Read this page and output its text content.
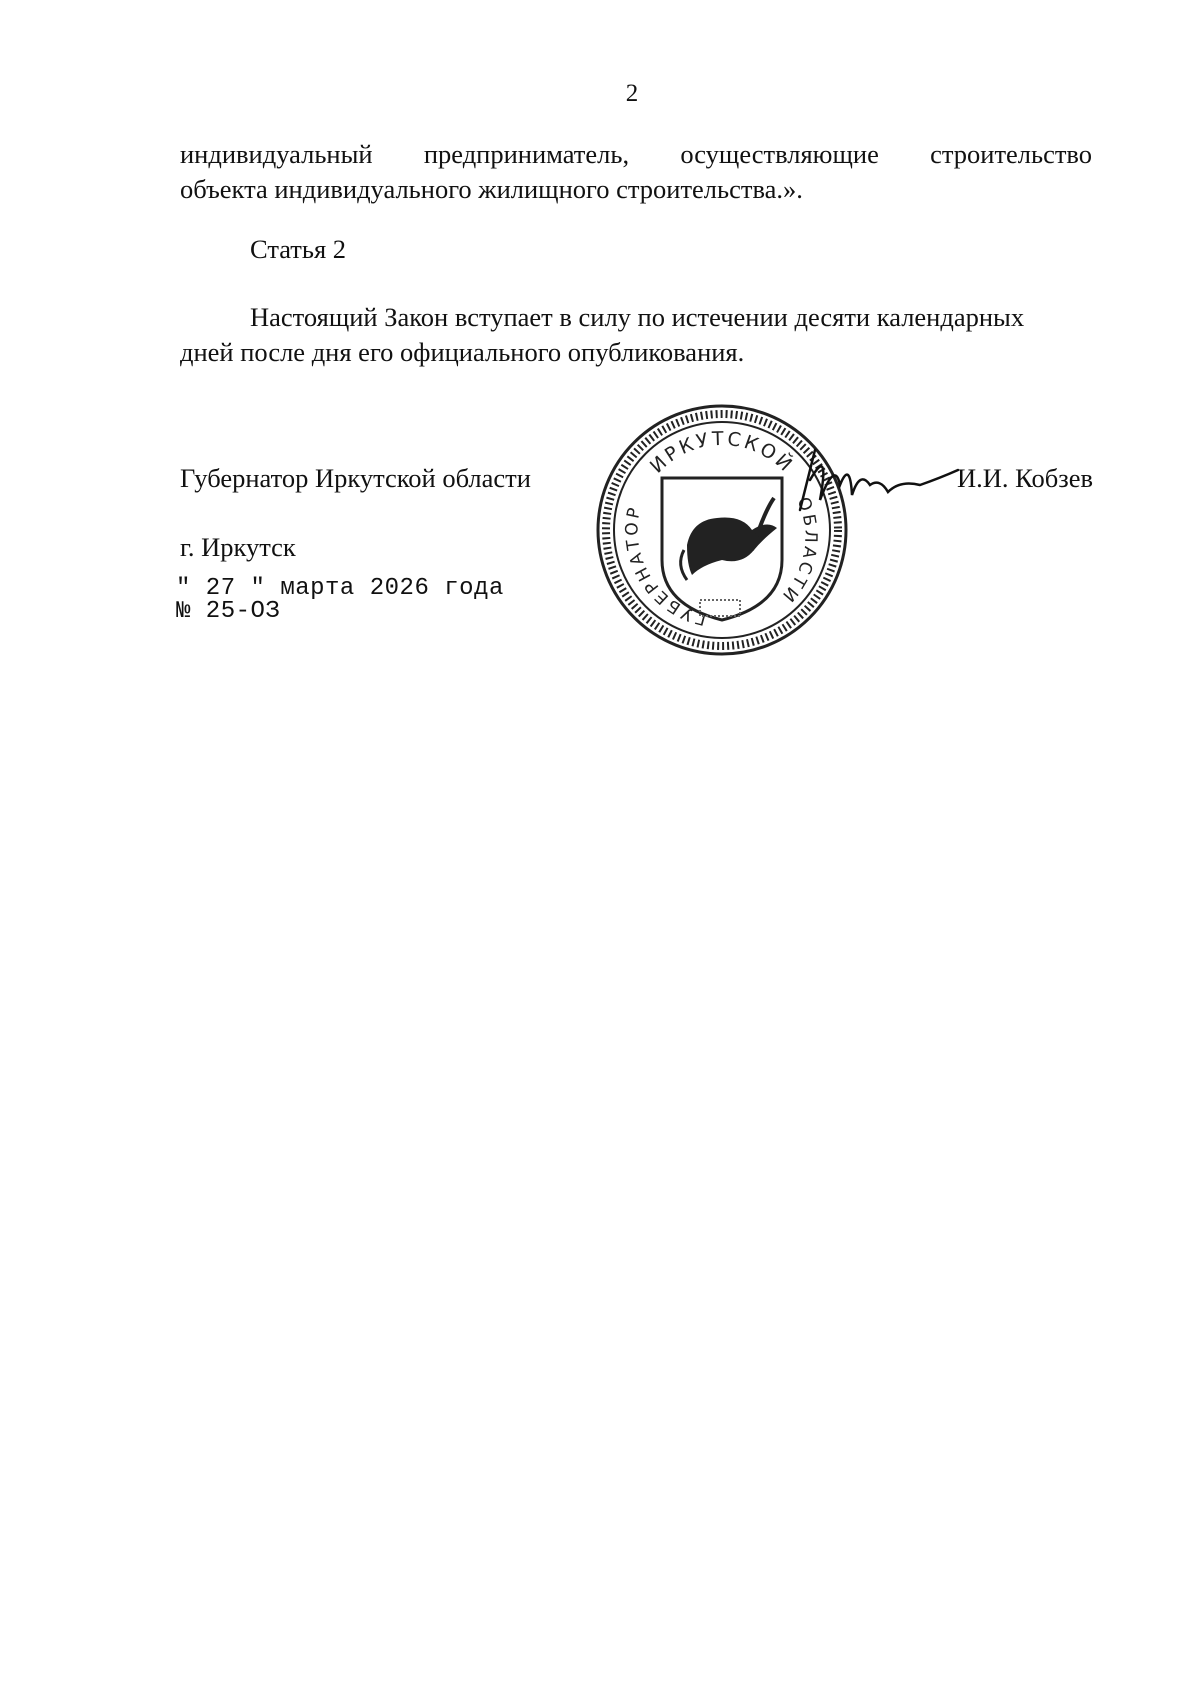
2
индивидуальный предприниматель, осуществляющие строительство
объекта индивидуального жилищного строительства.».
Статья 2
Настоящий Закон вступает в силу по истечении десяти календарных
дней после дня его официального опубликования.
Губернатор Иркутской области	И.И. Кобзев
г. Иркутск
" 27 " марта 2026 года
№ 25-ОЗ
ИРКУТСКОЙ
ГУБЕРНАТОР	ОБЛАСТИ
